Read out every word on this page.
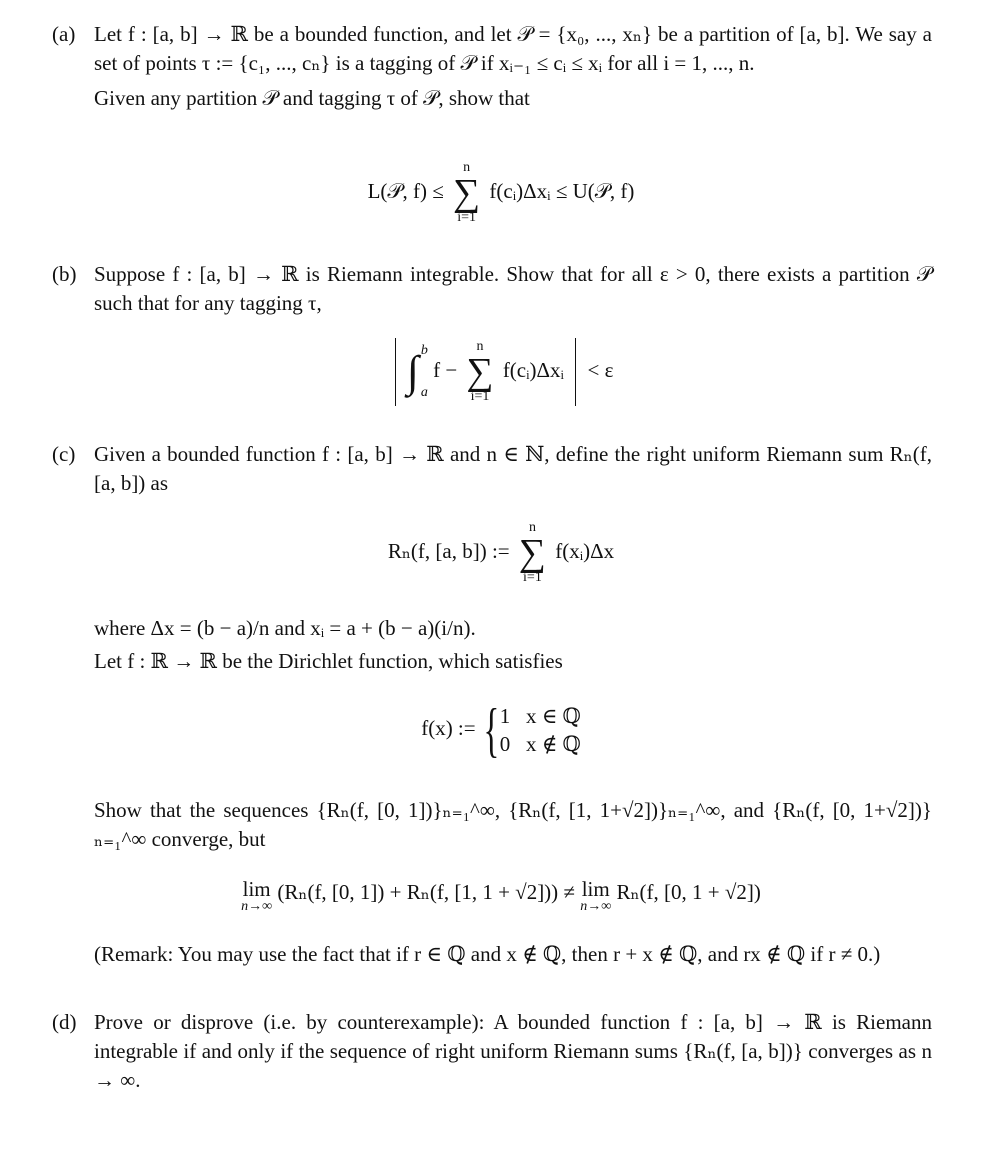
(a) Let f : [a, b] → ℝ be a bounded function, and let 𝒫 = {x₀, ..., xₙ} be a partition of [a, b]. We say a set of points τ := {c₁, ..., cₙ} is a tagging of 𝒫 if xᵢ₋₁ ≤ cᵢ ≤ xᵢ for all i = 1, ..., n.

Given any partition 𝒫 and tagging τ of 𝒫, show that

L(𝒫, f) ≤
n
∑
i=1
f(cᵢ)Δxᵢ ≤ U(𝒫, f)
(b) Suppose f : [a, b] → ℝ is Riemann integrable. Show that for all ε > 0, there exists a partition 𝒫 such that for any tagging τ,

∫ b
a
f −
n
∑
i=1
f(cᵢ)Δxᵢ < ε
(c) Given a bounded function f : [a, b] → ℝ and n ∈ ℕ, define the right uniform Riemann sum Rₙ(f, [a, b]) as

Rₙ(f, [a, b]) :=
n
∑
i=1
f(xᵢ)Δx

where Δx = (b − a)/n and xᵢ = a + (b − a)(i/n).

Let f : ℝ → ℝ be the Dirichlet function, which satisfies

f(x) := { 1 x ∈ ℚ
0 x ∉ ℚ

Show that the sequences {Rₙ(f, [0, 1])}ₙ₌₁^∞, {Rₙ(f, [1, 1+√2])}ₙ₌₁^∞, and {Rₙ(f, [0, 1+√2])}ₙ₌₁^∞ converge, but

lim
n→∞
(Rₙ(f, [0, 1]) + Rₙ(f, [1, 1 + √2])) ≠ lim
n→∞
Rₙ(f, [0, 1 + √2])

(Remark: You may use the fact that if r ∈ ℚ and x ∉ ℚ, then r + x ∉ ℚ, and rx ∉ ℚ if r ≠ 0.)

(d) Prove or disprove (i.e. by counterexample): A bounded function f : [a, b] → ℝ is Riemann integrable if and only if the sequence of right uniform Riemann sums {Rₙ(f, [a, b])} converges as n → ∞.
